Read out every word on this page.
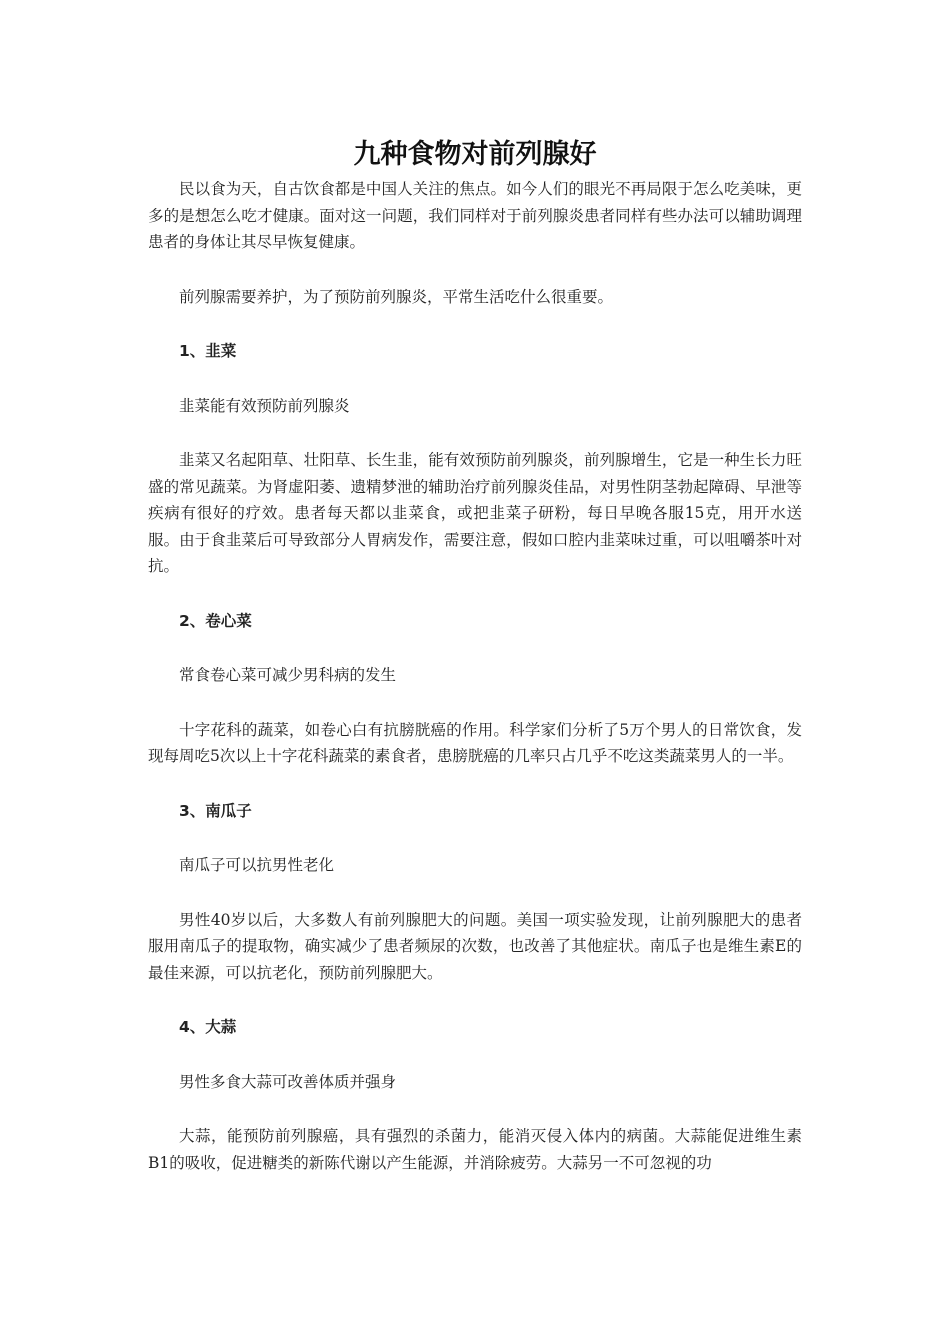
九种食物对前列腺好

民以食为天，自古饮食都是中国人关注的焦点。如今人们的眼光不再局限于怎么吃美味，更多的是想怎么吃才健康。面对这一问题，我们同样对于前列腺炎患者同样有些办法可以辅助调理患者的身体让其尽早恢复健康。

前列腺需要养护，为了预防前列腺炎，平常生活吃什么很重要。

1、韭菜

韭菜能有效预防前列腺炎

韭菜又名起阳草、壮阳草、长生韭，能有效预防前列腺炎，前列腺增生，它是一种生长力旺盛的常见蔬菜。为肾虚阳萎、遗精梦泄的辅助治疗前列腺炎佳品，对男性阴茎勃起障碍、早泄等疾病有很好的疗效。患者每天都以韭菜食，或把韭菜子研粉，每日早晚各服15克，用开水送服。由于食韭菜后可导致部分人胃病发作，需要注意，假如口腔内韭菜味过重，可以咀嚼茶叶对抗。

2、卷心菜

常食卷心菜可减少男科病的发生

十字花科的蔬菜，如卷心白有抗膀胱癌的作用。科学家们分析了5万个男人的日常饮食，发现每周吃5次以上十字花科蔬菜的素食者，患膀胱癌的几率只占几乎不吃这类蔬菜男人的一半。

3、南瓜子

南瓜子可以抗男性老化

男性40岁以后，大多数人有前列腺肥大的问题。美国一项实验发现，让前列腺肥大的患者服用南瓜子的提取物，确实减少了患者频尿的次数，也改善了其他症状。南瓜子也是维生素E的最佳来源，可以抗老化，预防前列腺肥大。

4、大蒜

男性多食大蒜可改善体质并强身

大蒜，能预防前列腺癌，具有强烈的杀菌力，能消灭侵入体内的病菌。大蒜能促进维生素B1的吸收，促进糖类的新陈代谢以产生能源，并消除疲劳。大蒜另一不可忽视的功
